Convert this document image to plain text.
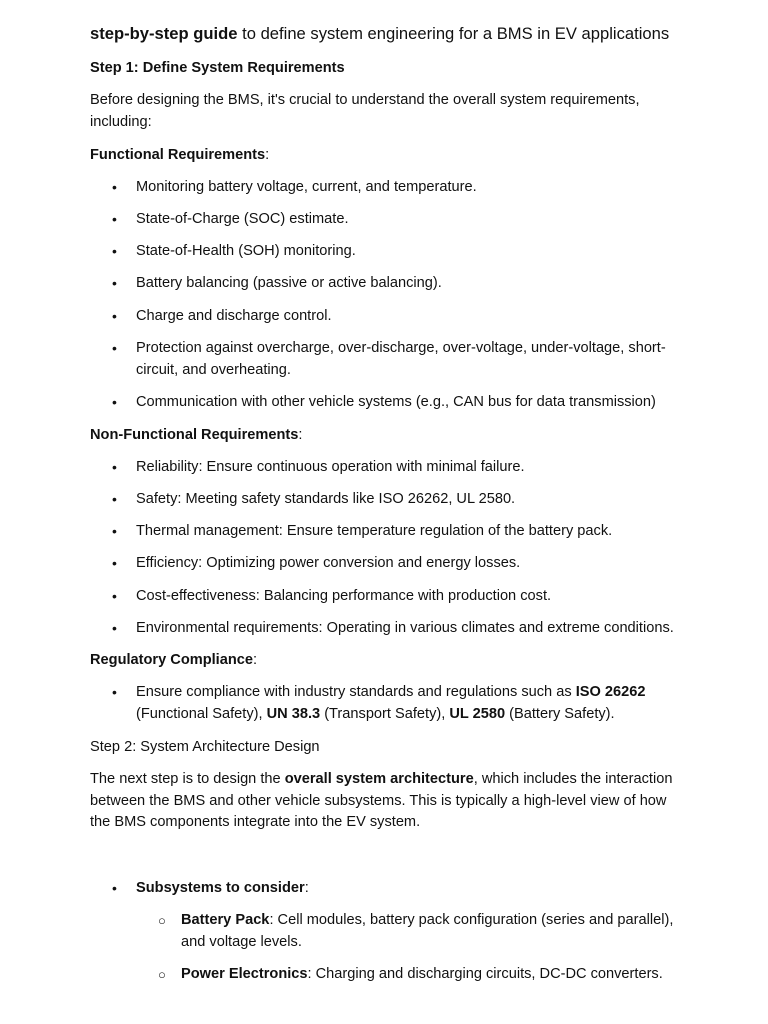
step-by-step guide to define system engineering for a BMS in EV applications

Step 1: Define System Requirements

Before designing the BMS, it's crucial to understand the overall system requirements, including:

Functional Requirements:

• Monitoring battery voltage, current, and temperature.
• State-of-Charge (SOC) estimate.
• State-of-Health (SOH) monitoring.
• Battery balancing (passive or active balancing).
• Charge and discharge control.
• Protection against overcharge, over-discharge, over-voltage, under-voltage, short-circuit, and overheating.
• Communication with other vehicle systems (e.g., CAN bus for data transmission)

Non-Functional Requirements:

• Reliability: Ensure continuous operation with minimal failure.
• Safety: Meeting safety standards like ISO 26262, UL 2580.
• Thermal management: Ensure temperature regulation of the battery pack.
• Efficiency: Optimizing power conversion and energy losses.
• Cost-effectiveness: Balancing performance with production cost.
• Environmental requirements: Operating in various climates and extreme conditions.

Regulatory Compliance:

• Ensure compliance with industry standards and regulations such as ISO 26262 (Functional Safety), UN 38.3 (Transport Safety), UL 2580 (Battery Safety).

Step 2: System Architecture Design

The next step is to design the overall system architecture, which includes the interaction between the BMS and other vehicle subsystems. This is typically a high-level view of how the BMS components integrate into the EV system.

• Subsystems to consider:
○ Battery Pack: Cell modules, battery pack configuration (series and parallel), and voltage levels.
○ Power Electronics: Charging and discharging circuits, DC-DC converters.
